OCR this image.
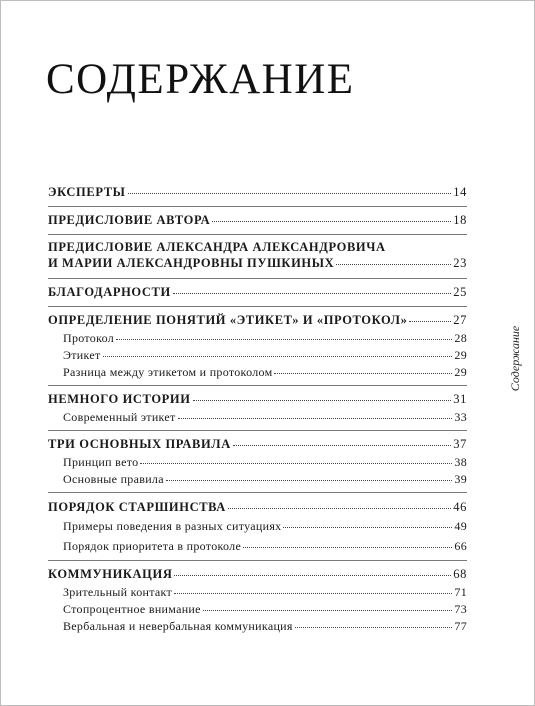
СОДЕРЖАНИЕ
Содержание
ЭКСПЕРТЫ	14
ПРЕДИСЛОВИЕ АВТОРА	18
ПРЕДИСЛОВИЕ АЛЕКСАНДРА АЛЕКСАНДРОВИЧА
И МАРИИ АЛЕКСАНДРОВНЫ ПУШКИНЫХ	23
БЛАГОДАРНОСТИ	25
ОПРЕДЕЛЕНИЕ ПОНЯТИЙ «ЭТИКЕТ» И «ПРОТОКОЛ»	27
Протокол	28
Этикет	29
Разница между этикетом и протоколом	29
НЕМНОГО ИСТОРИИ	31
Современный этикет	33
ТРИ ОСНОВНЫХ ПРАВИЛА	37
Принцип вето	38
Основные правила	39
ПОРЯДОК СТАРШИНСТВА	46
Примеры поведения в разных ситуациях	49
Порядок приоритета в протоколе	66
КОММУНИКАЦИЯ	68
Зрительный контакт	71
Стопроцентное внимание	73
Вербальная и невербальная коммуникация	77
